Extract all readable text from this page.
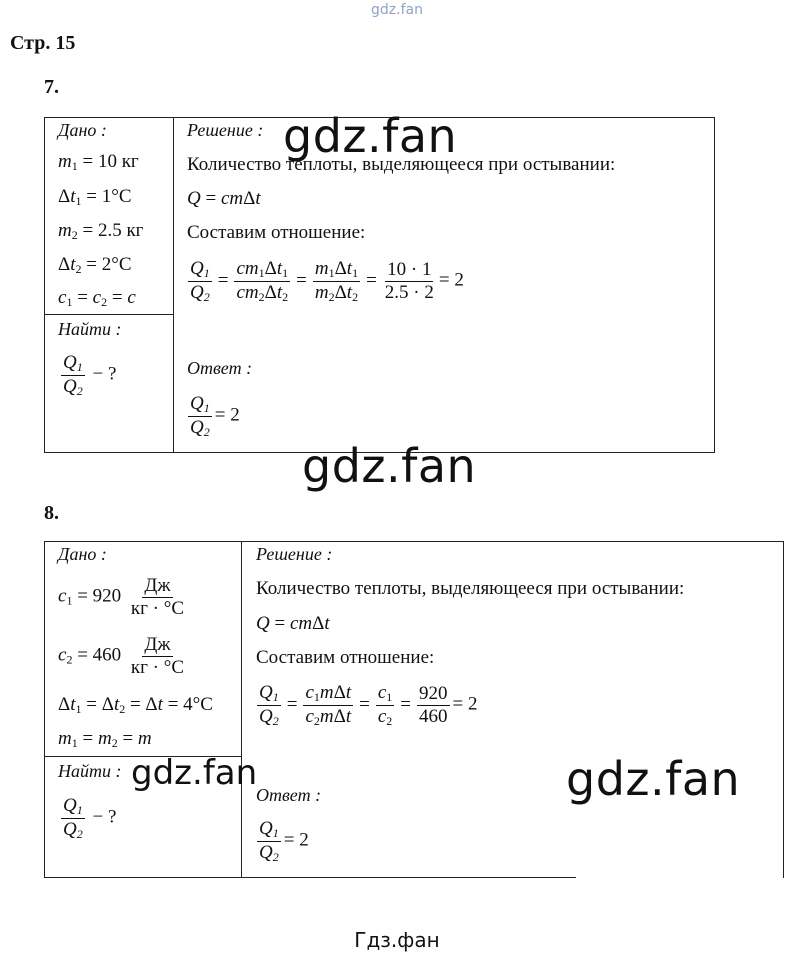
gdz.fan
Стр. 15
7.
Дано :
$m_1 = 10$ кг
$\Delta t_1 = 1^\circ C$
$m_2 = 2.5$ кг
$\Delta t_2 = 2^\circ C$
$c_1 = c_2 = c$
Найти :
$\frac{Q_1}{Q_2}$ − ?
Решение :
Количество теплоты, выделяющееся при остывании:
Q = cmΔt
Составим отношение:
$\frac{Q_1}{Q_2} = \frac{cm_1\Delta t_1}{cm_2\Delta t_2} = \frac{m_1\Delta t_1}{m_2\Delta t_2} = \frac{10 \cdot 1}{2.5 \cdot 2} = 2$
Ответ :
$\frac{Q_1}{Q_2} = 2$
gdz.fan
gdz.fan
8.
Дано :
$c_1 = 920 \frac{Дж}{кг \cdot ^\circ C}$
$c_2 = 460 \frac{Дж}{кг \cdot ^\circ C}$
$\Delta t_1 = \Delta t_2 = \Delta t = 4^\circ C$
$m_1 = m_2 = m$
Найти :
$\frac{Q_1}{Q_2}$ − ?
Решение :
Количество теплоты, выделяющееся при остывании:
Q = cmΔt
Составим отношение:
$\frac{Q_1}{Q_2} = \frac{c_1m\Delta t}{c_2m\Delta t} = \frac{c_1}{c_2} = \frac{920}{460} = 2$
Ответ :
$\frac{Q_1}{Q_2} = 2$
gdz.fan	gdz.fan
Гдз.фан
